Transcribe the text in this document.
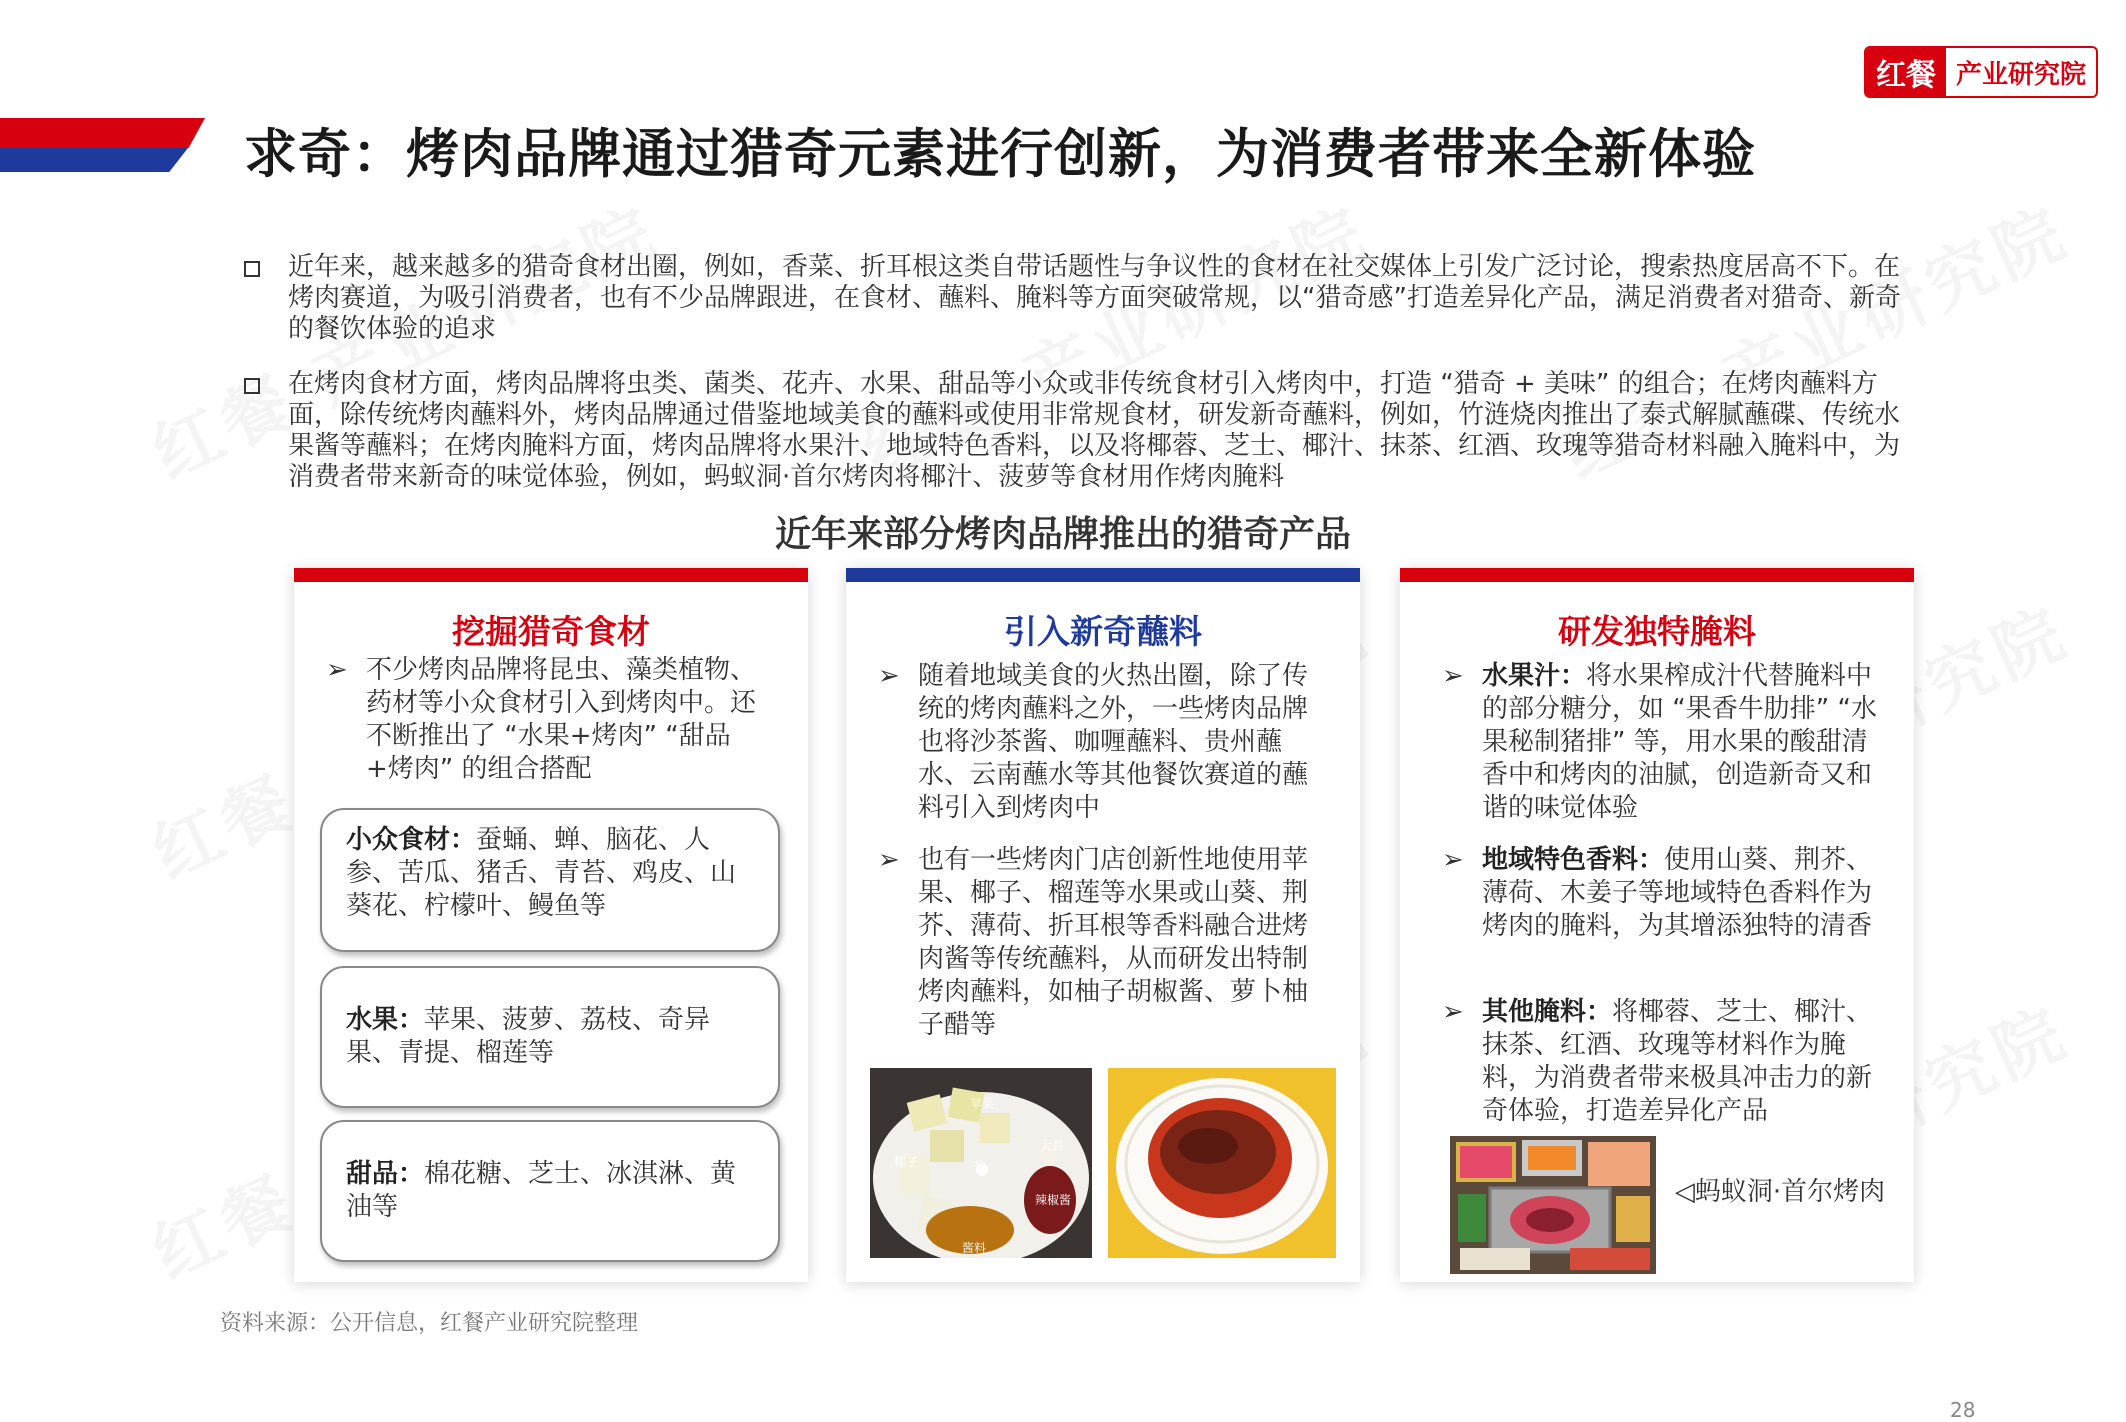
求奇：烤肉品牌通过猎奇元素进行创新，为消费者带来全新体验
红餐 产业研究院
近年来，越来越多的猎奇食材出圈，例如，香菜、折耳根这类自带话题性与争议性的食材在社交媒体上引发广泛讨论，搜索热度居高不下。在烤肉赛道，为吸引消费者，也有不少品牌跟进，在食材、蘸料、腌料等方面突破常规，以“猎奇感”打造差异化产品，满足消费者对猎奇、新奇的餐饮体验的追求
在烤肉食材方面，烤肉品牌将虫类、菌类、花卉、水果、甜品等小众或非传统食材引入烤肉中，打造 “猎奇 + 美味” 的组合；在烤肉蘸料方面，除传统烤肉蘸料外，烤肉品牌通过借鉴地域美食的蘸料或使用非常规食材，研发新奇蘸料，例如，竹涟烧肉推出了泰式解腻蘸碟、传统水果酱等蘸料；在烤肉腌料方面，烤肉品牌将水果汁、地域特色香料，以及将椰蓉、芝士、椰汁、抹茶、红酒、玫瑰等猎奇材料融入腌料中，为消费者带来新奇的味觉体验，例如，蚂蚁洞·首尔烤肉将椰汁、菠萝等食材用作烤肉腌料
近年来部分烤肉品牌推出的猎奇产品
挖掘猎奇食材
➢ 不少烤肉品牌将昆虫、藻类植物、药材等小众食材引入到烤肉中。还不断推出了 “水果+烤肉” “甜品+烤肉” 的组合搭配
小众食材：蚕蛹、蝉、脑花、人参、苦瓜、猪舌、青苔、鸡皮、山葵花、柠檬叶、鳗鱼等
水果：苹果、菠萝、荔枝、奇异果、青提、榴莲等
甜品：棉花糖、芝士、冰淇淋、黄油等
引入新奇蘸料
➢ 随着地域美食的火热出圈，除了传统的烤肉蘸料之外，一些烤肉品牌也将沙茶酱、咖喱蘸料、贵州蘸水、云南蘸水等其他餐饮赛道的蘸料引入到烤肉中
➢ 也有一些烤肉门店创新性地使用苹果、椰子、榴莲等水果或山葵、荆芥、薄荷、折耳根等香料融合进烤肉酱等传统蘸料，从而研发出特制烤肉蘸料，如柚子胡椒酱、萝卜柚子醋等
苹果
椰子	盐
大蒜
辣椒酱
酱料
研发独特腌料
➢ 水果汁：将水果榨成汁代替腌料中的部分糖分，如 “果香牛肋排” “水果秘制猪排” 等，用水果的酸甜清香中和烤肉的油腻，创造新奇又和谐的味觉体验
➢ 地域特色香料：使用山葵、荆芥、薄荷、木姜子等地域特色香料作为烤肉的腌料，为其增添独特的清香
➢ 其他腌料：将椰蓉、芝士、椰汁、抹茶、红酒、玫瑰等材料作为腌料，为消费者带来极具冲击力的新奇体验，打造差异化产品
◁蚂蚁洞·首尔烤肉
资料来源：公开信息，红餐产业研究院整理
28
